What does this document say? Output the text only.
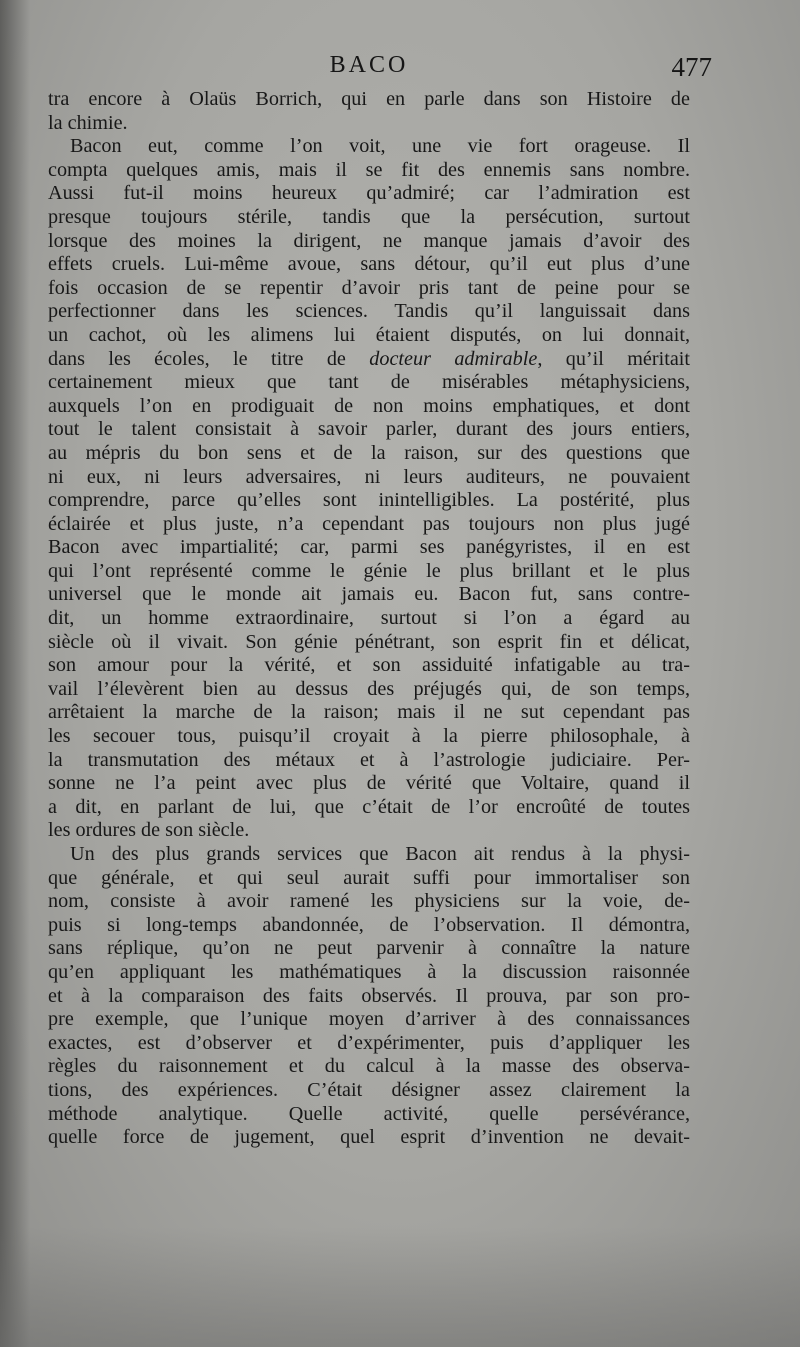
BACO	477

tra encore à Olaüs Borrich, qui en parle dans son Histoire de
la chimie.

Bacon eut, comme l’on voit, une vie fort orageuse. Il
compta quelques amis, mais il se fit des ennemis sans nombre.
Aussi fut-il moins heureux qu’admiré; car l’admiration est
presque toujours stérile, tandis que la persécution, surtout
lorsque des moines la dirigent, ne manque jamais d’avoir des
effets cruels. Lui-même avoue, sans détour, qu’il eut plus d’une
fois occasion de se repentir d’avoir pris tant de peine pour se
perfectionner dans les sciences. Tandis qu’il languissait dans
un cachot, où les alimens lui étaient disputés, on lui donnait,
dans les écoles, le titre de docteur admirable, qu’il méritait
certainement mieux que tant de misérables métaphysiciens,
auxquels l’on en prodiguait de non moins emphatiques, et dont
tout le talent consistait à savoir parler, durant des jours entiers,
au mépris du bon sens et de la raison, sur des questions que
ni eux, ni leurs adversaires, ni leurs auditeurs, ne pouvaient
comprendre, parce qu’elles sont inintelligibles. La postérité, plus
éclairée et plus juste, n’a cependant pas toujours non plus jugé
Bacon avec impartialité; car, parmi ses panégyristes, il en est
qui l’ont représenté comme le génie le plus brillant et le plus
universel que le monde ait jamais eu. Bacon fut, sans contre-
dit, un homme extraordinaire, surtout si l’on a égard au
siècle où il vivait. Son génie pénétrant, son esprit fin et délicat,
son amour pour la vérité, et son assiduité infatigable au tra-
vail l’élevèrent bien au dessus des préjugés qui, de son temps,
arrêtaient la marche de la raison; mais il ne sut cependant pas
les secouer tous, puisqu’il croyait à la pierre philosophale, à
la transmutation des métaux et à l’astrologie judiciaire. Per-
sonne ne l’a peint avec plus de vérité que Voltaire, quand il
a dit, en parlant de lui, que c’était de l’or encroûté de toutes
les ordures de son siècle.

Un des plus grands services que Bacon ait rendus à la physi-
que générale, et qui seul aurait suffi pour immortaliser son
nom, consiste à avoir ramené les physiciens sur la voie, de-
puis si long-temps abandonnée, de l’observation. Il démontra,
sans réplique, qu’on ne peut parvenir à connaître la nature
qu’en appliquant les mathématiques à la discussion raisonnée
et à la comparaison des faits observés. Il prouva, par son pro-
pre exemple, que l’unique moyen d’arriver à des connaissances
exactes, est d’observer et d’expérimenter, puis d’appliquer les
règles du raisonnement et du calcul à la masse des observa-
tions, des expériences. C’était désigner assez clairement la
méthode analytique. Quelle activité, quelle persévérance,
quelle force de jugement, quel esprit d’invention ne devait-
